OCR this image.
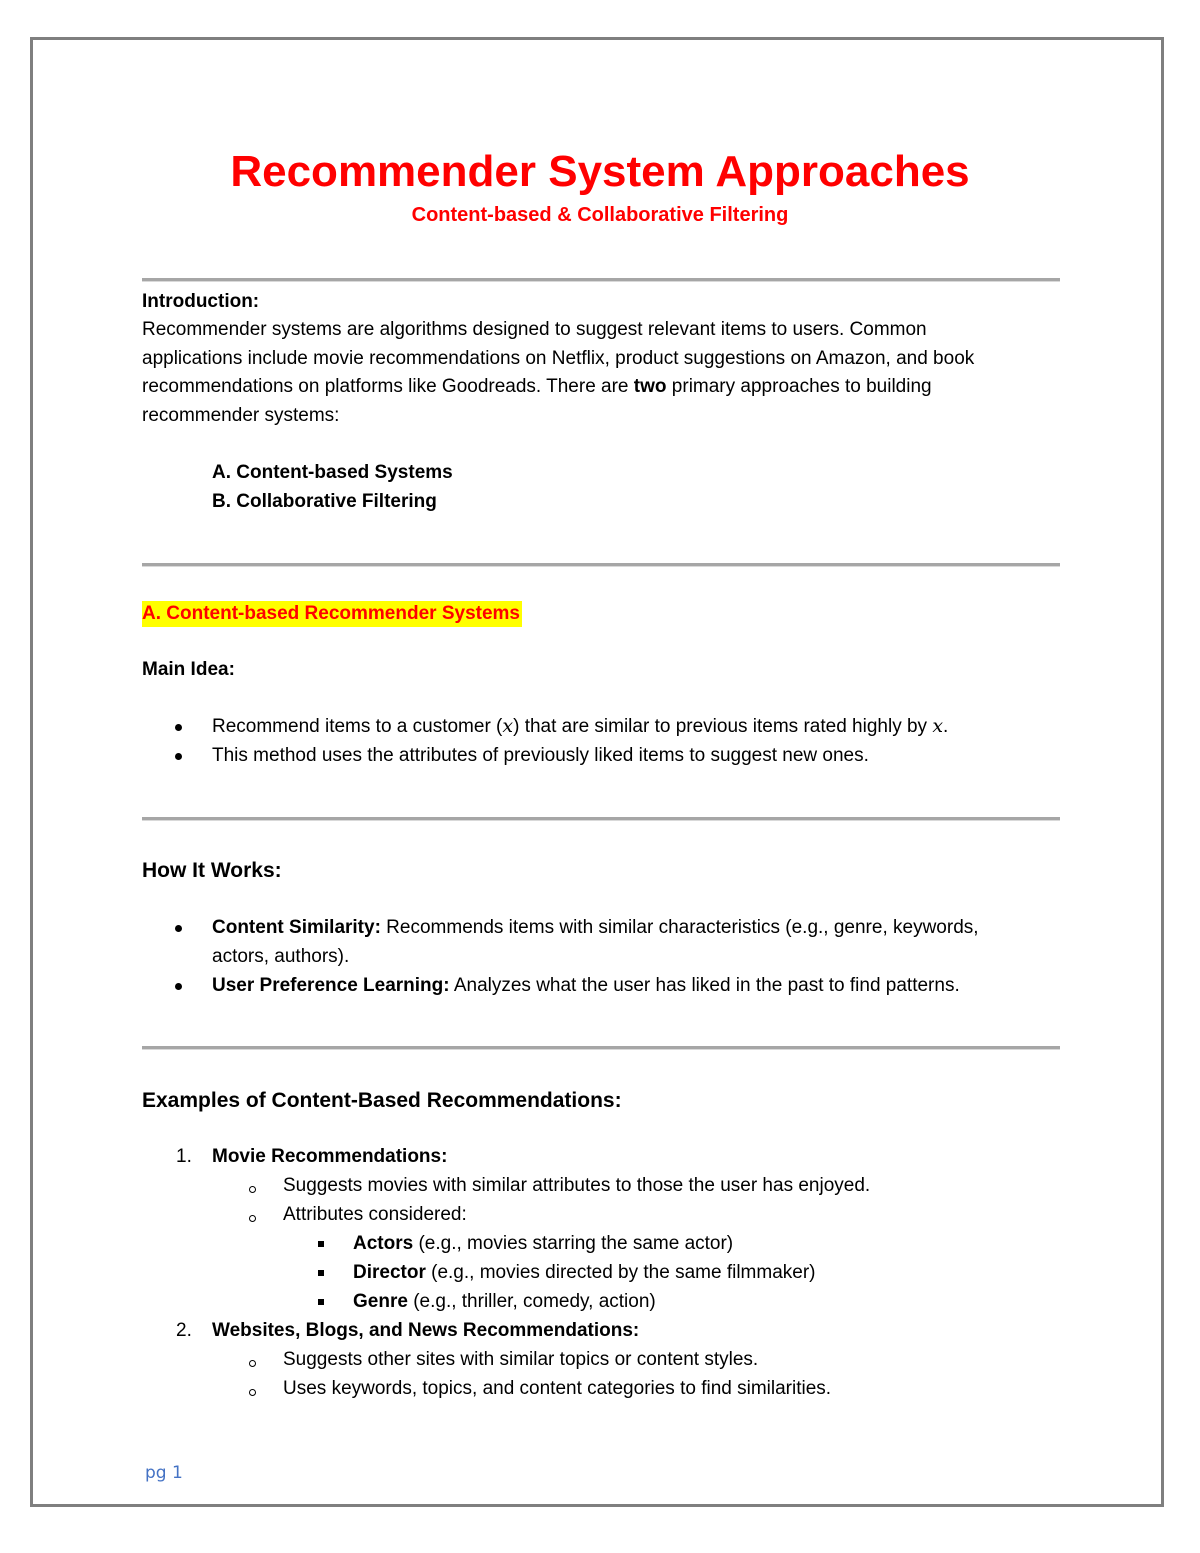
Recommender System Approaches
Content-based & Collaborative Filtering
Introduction:
Recommender systems are algorithms designed to suggest relevant items to users. Common applications include movie recommendations on Netflix, product suggestions on Amazon, and book recommendations on platforms like Goodreads. There are two primary approaches to building recommender systems:
A. Content-based Systems
B. Collaborative Filtering
A. Content-based Recommender Systems
Main Idea:
Recommend items to a customer (x) that are similar to previous items rated highly by x.
This method uses the attributes of previously liked items to suggest new ones.
How It Works:
Content Similarity: Recommends items with similar characteristics (e.g., genre, keywords, actors, authors).
User Preference Learning: Analyzes what the user has liked in the past to find patterns.
Examples of Content-Based Recommendations:
1. Movie Recommendations:
Suggests movies with similar attributes to those the user has enjoyed.
Attributes considered:
Actors (e.g., movies starring the same actor)
Director (e.g., movies directed by the same filmmaker)
Genre (e.g., thriller, comedy, action)
2. Websites, Blogs, and News Recommendations:
Suggests other sites with similar topics or content styles.
Uses keywords, topics, and content categories to find similarities.
pg 1
